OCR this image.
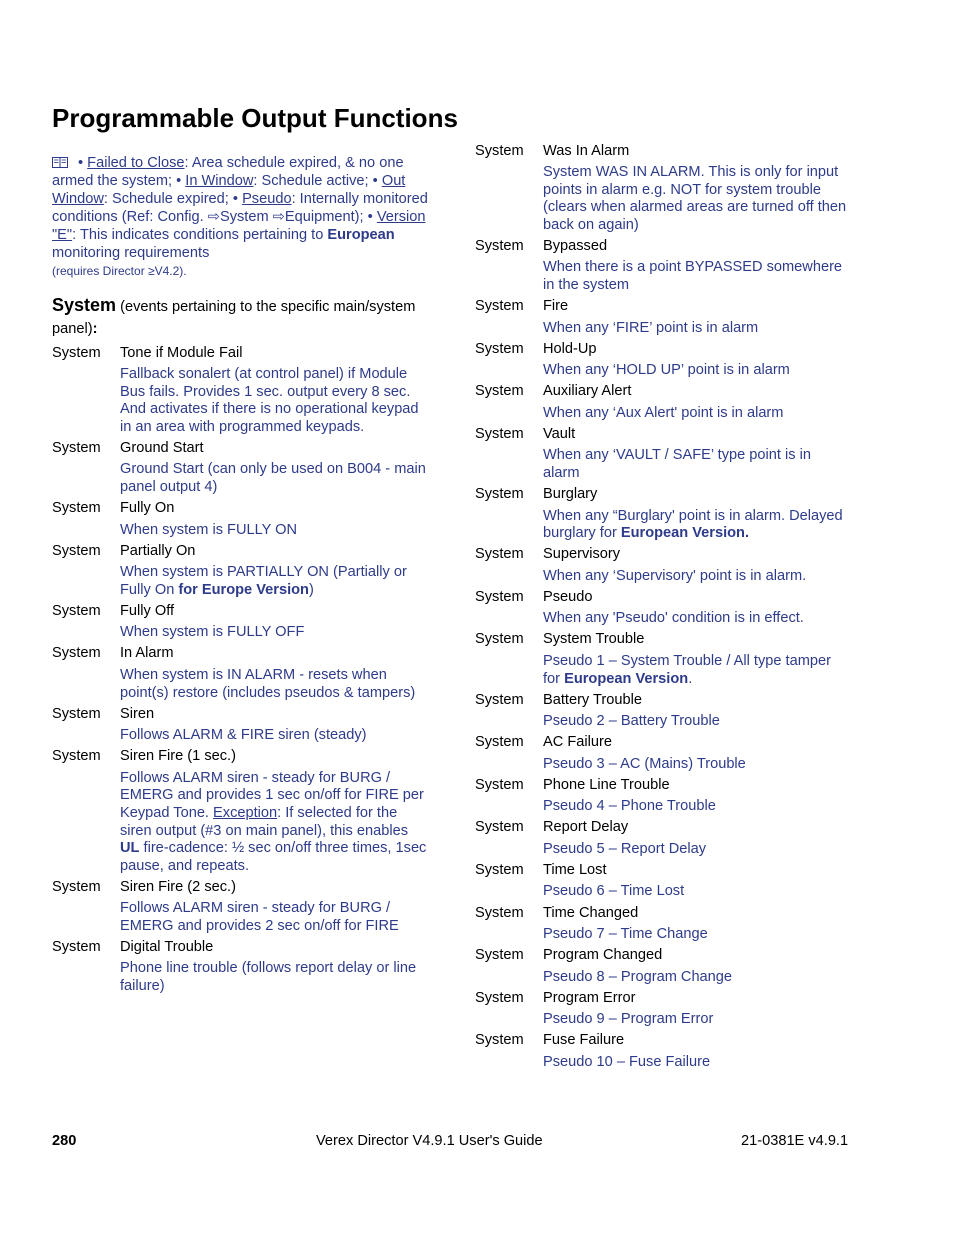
Programmable Output Functions
• Failed to Close: Area schedule expired, & no one armed the system; • In Window: Schedule active; • Out Window: Schedule expired; • Pseudo: Internally monitored conditions (Ref: Config. ⇨System ⇨Equipment); • Version "E": This indicates conditions pertaining to European monitoring requirements
(requires Director ≥V4.2).
System (events pertaining to the specific main/system panel):
System	Tone if Module Fail
Fallback sonalert (at control panel) if Module Bus fails. Provides 1 sec. output every 8 sec. And activates if there is no operational keypad in an area with programmed keypads.
System	Ground Start
Ground Start (can only be used on B004 - main panel output 4)
System	Fully On
When system is FULLY ON
System	Partially On
When system is PARTIALLY ON (Partially or Fully On for Europe Version)
System	Fully Off
When system is FULLY OFF
System	In Alarm
When system is IN ALARM - resets when point(s) restore (includes pseudos & tampers)
System	Siren
Follows ALARM & FIRE siren (steady)
System	Siren Fire (1 sec.)
Follows ALARM siren - steady for BURG / EMERG and provides 1 sec on/off for FIRE per Keypad Tone. Exception: If selected for the siren output (#3 on main panel), this enables UL fire-cadence: ½ sec on/off three times, 1sec pause, and repeats.
System	Siren Fire (2 sec.)
Follows ALARM siren - steady for BURG / EMERG and provides 2 sec on/off for FIRE
System	Digital Trouble
Phone line trouble (follows report delay or line failure)
System	Was In Alarm
System WAS IN ALARM. This is only for input points in alarm e.g. NOT for system trouble (clears when alarmed areas are turned off then back on again)
System	Bypassed
When there is a point BYPASSED somewhere in the system
System	Fire
When any ‘FIRE’ point is in alarm
System	Hold-Up
When any ‘HOLD UP’ point is in alarm
System	Auxiliary Alert
When any ‘Aux Alert' point is in alarm
System	Vault
When any ‘VAULT / SAFE’ type point is in alarm
System	Burglary
When any “Burglary' point is in alarm. Delayed burglary for European Version.
System	Supervisory
When any ‘Supervisory' point is in alarm.
System	Pseudo
When any 'Pseudo' condition is in effect.
System	System Trouble
Pseudo 1 – System Trouble / All type tamper for European Version.
System	Battery Trouble
Pseudo 2 – Battery Trouble
System	AC Failure
Pseudo 3 – AC (Mains) Trouble
System	Phone Line Trouble
Pseudo 4 – Phone Trouble
System	Report Delay
Pseudo 5 – Report Delay
System	Time Lost
Pseudo 6 – Time Lost
System	Time Changed
Pseudo 7 – Time Change
System	Program Changed
Pseudo 8 – Program Change
System	Program Error
Pseudo 9 – Program Error
System	Fuse Failure
Pseudo 10 – Fuse Failure
280	Verex Director V4.9.1 User's Guide	21-0381E v4.9.1
